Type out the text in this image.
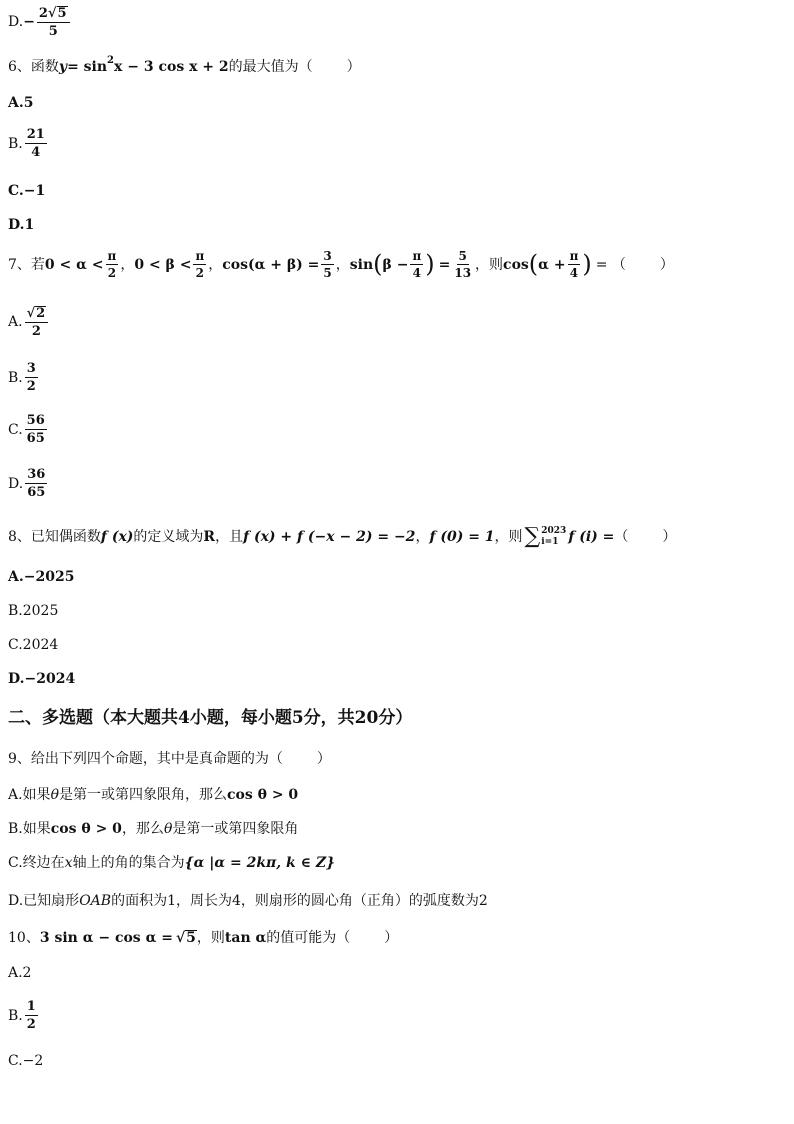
D. − $\frac{2 √ 5}{5}$
6、函数 y = sin 2 x − 3 cos x + 2 的最大值为（ ）
A.5
B. $\frac{21}{4}$
C.−1
D.1
7、若 $0 < \alpha < \frac{\pi}{2}$ ， $0 < \beta < \frac{\pi}{2}$ ， $\cos(\alpha + \beta) = \frac{3}{5}$ ， sin ( $\beta - \frac{\pi}{4}$ ) = $\frac{5}{13}$ ，则 cos ( $\alpha + \frac{\pi}{4}$ ) = （ ）
A. $\frac{√ 2}{2}$
B. $\frac{3}{2}$
C. $\frac{56}{65}$
D. $\frac{36}{65}$
8、已知偶函数 f (x) 的定义域为 R ，且 f (x) + f (−x − 2) = −2 ， f (0) = 1 ，则 ∑ 2023
i=1 f (i) = （ ）
A.−2025
B.2025
C.2024
D.−2024
二、多选题（本大题共4小题，每小题5分，共20分）
9、给出下列四个命题，其中是真命题的为（ ）
A.如果 θ 是第一或第四象限角，那么 cos θ > 0
B.如果 cos θ > 0 ，那么 θ 是第一或第四象限角
C.终边在 x 轴上的角的集合为 {α |α = 2kπ, k ∈ Z}
D.已知扇形 OAB 的面积为1，周长为4，则扇形的圆心角（正角）的弧度数为2
10、 3 sin α − cos α = √ 5 ，则 tan α 的值可能为（ ）
A.2
B. $\frac{1}{2}$
C.−2
